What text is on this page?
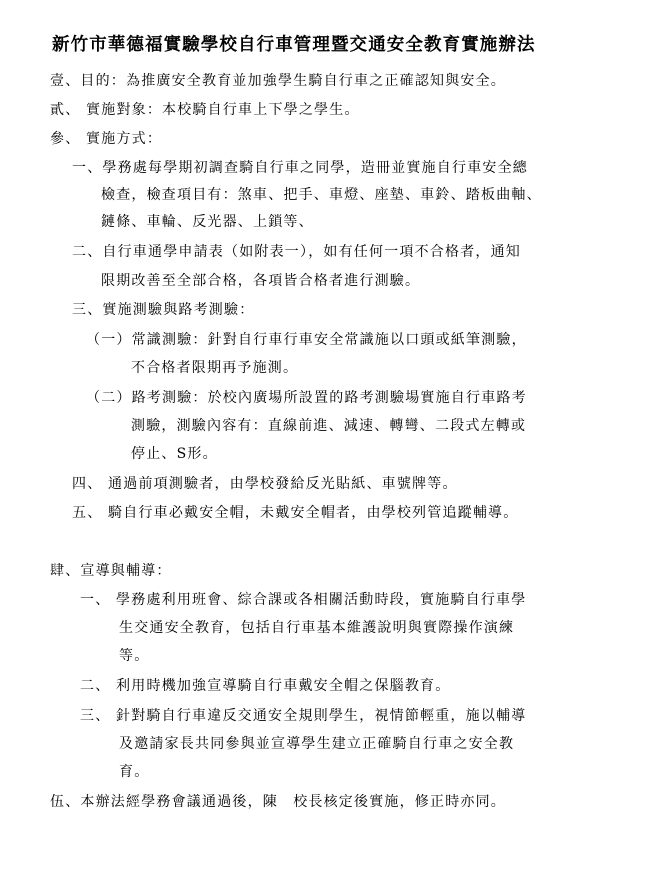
新竹市華德福實驗學校自行車管理暨交通安全教育實施辦法
壹、目的：為推廣安全教育並加強學生騎自行車之正確認知與安全。
貳、 實施對象：本校騎自行車上下學之學生。
參、 實施方式：
一、學務處每學期初調查騎自行車之同學，造冊並實施自行車安全總
檢查，檢查項目有：煞車、把手、車燈、座墊、車鈴、踏板曲軸、
鏈條、車輪、反光器、上鎖等、
二、自行車通學申請表（如附表一），如有任何一項不合格者，通知
限期改善至全部合格，各項皆合格者進行測驗。
三、實施測驗與路考測驗：
（一）常識測驗：針對自行車行車安全常識施以口頭或紙筆測驗，
不合格者限期再予施測。
（二）路考測驗：於校內廣場所設置的路考測驗場實施自行車路考
測驗，測驗內容有：直線前進、減速、轉彎、二段式左轉或
停止、S形。
四、 通過前項測驗者，由學校發給反光貼紙、車號牌等。
五、 騎自行車必戴安全帽，未戴安全帽者，由學校列管追蹤輔導。
肆、宣導與輔導：
一、 學務處利用班會、綜合課或各相關活動時段，實施騎自行車學
生交通安全教育，包括自行車基本維護說明與實際操作演練
等。
二、 利用時機加強宣導騎自行車戴安全帽之保腦教育。
三、 針對騎自行車違反交通安全規則學生，視情節輕重，施以輔導
及邀請家長共同參與並宣導學生建立正確騎自行車之安全教
育。
伍、本辦法經學務會議通過後，陳　校長核定後實施，修正時亦同。
